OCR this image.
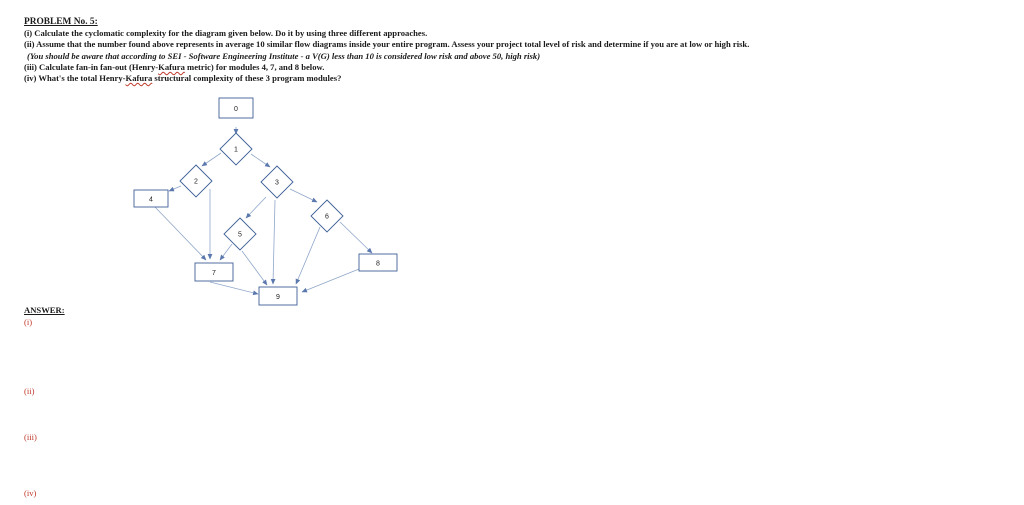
PROBLEM No. 5:
(i) Calculate the cyclomatic complexity for the diagram given below. Do it by using three different approaches.
(ii) Assume that the number found above represents in average 10 similar flow diagrams inside your entire program. Assess your project total level of risk and determine if you are at low or high risk.
(You should be aware that according to SEI - Software Engineering Institute - a V(G) less than 10 is considered low risk and above 50, high risk)
(iii) Calculate fan-in fan-out (Henry-Kafura metric) for modules 4, 7, and 8 below.
(iv) What's the total Henry-Kafura structural complexity of these 3 program modules?
0
4
7
8
9
1
2	3
5
6
ANSWER:
(i)
(ii)
(iii)
(iv)
